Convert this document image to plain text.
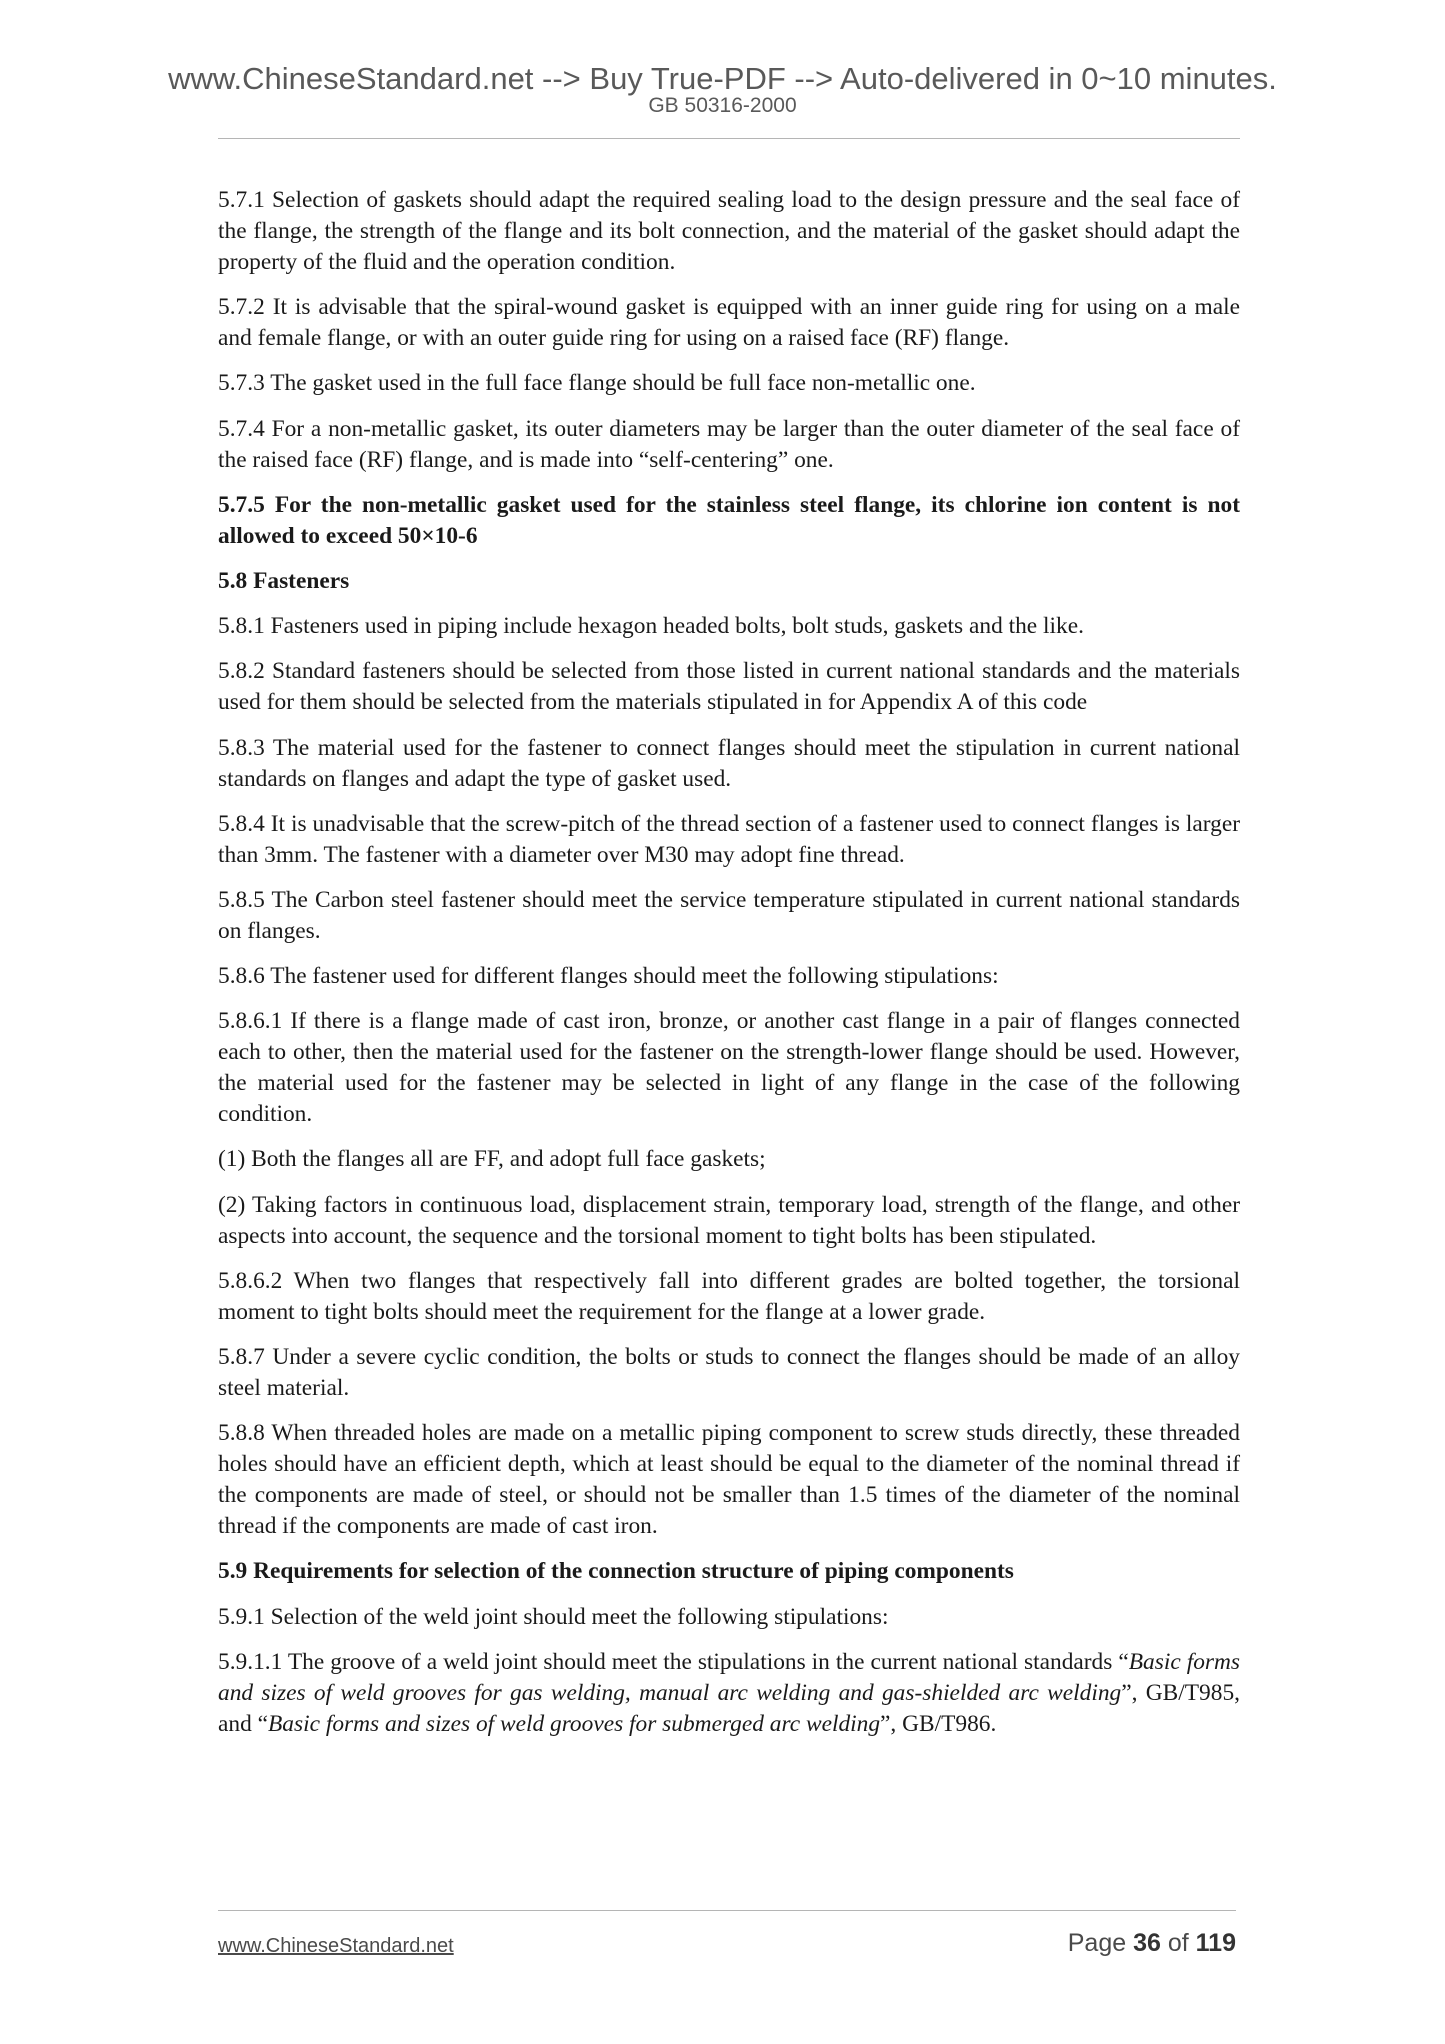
www.ChineseStandard.net --> Buy True-PDF --> Auto-delivered in 0~10 minutes.
GB 50316-2000

5.7.1 Selection of gaskets should adapt the required sealing load to the design pressure and the seal face of the flange, the strength of the flange and its bolt connection, and the material of the gasket should adapt the property of the fluid and the operation condition.

5.7.2 It is advisable that the spiral-wound gasket is equipped with an inner guide ring for using on a male and female flange, or with an outer guide ring for using on a raised face (RF) flange.

5.7.3 The gasket used in the full face flange should be full face non-metallic one.

5.7.4 For a non-metallic gasket, its outer diameters may be larger than the outer diameter of the seal face of the raised face (RF) flange, and is made into “self-centering” one.

5.7.5 For the non-metallic gasket used for the stainless steel flange, its chlorine ion content is not allowed to exceed 50×10-6

5.8 Fasteners

5.8.1 Fasteners used in piping include hexagon headed bolts, bolt studs, gaskets and the like.

5.8.2 Standard fasteners should be selected from those listed in current national standards and the materials used for them should be selected from the materials stipulated in for Appendix A of this code

5.8.3 The material used for the fastener to connect flanges should meet the stipulation in current national standards on flanges and adapt the type of gasket used.

5.8.4 It is unadvisable that the screw-pitch of the thread section of a fastener used to connect flanges is larger than 3mm. The fastener with a diameter over M30 may adopt fine thread.

5.8.5 The Carbon steel fastener should meet the service temperature stipulated in current national standards on flanges.

5.8.6 The fastener used for different flanges should meet the following stipulations:

5.8.6.1 If there is a flange made of cast iron, bronze, or another cast flange in a pair of flanges connected each to other, then the material used for the fastener on the strength-lower flange should be used. However, the material used for the fastener may be selected in light of any flange in the case of the following condition.

(1) Both the flanges all are FF, and adopt full face gaskets;

(2) Taking factors in continuous load, displacement strain, temporary load, strength of the flange, and other aspects into account, the sequence and the torsional moment to tight bolts has been stipulated.

5.8.6.2 When two flanges that respectively fall into different grades are bolted together, the torsional moment to tight bolts should meet the requirement for the flange at a lower grade.

5.8.7 Under a severe cyclic condition, the bolts or studs to connect the flanges should be made of an alloy steel material.

5.8.8 When threaded holes are made on a metallic piping component to screw studs directly, these threaded holes should have an efficient depth, which at least should be equal to the diameter of the nominal thread if the components are made of steel, or should not be smaller than 1.5 times of the diameter of the nominal thread if the components are made of cast iron.

5.9 Requirements for selection of the connection structure of piping components

5.9.1 Selection of the weld joint should meet the following stipulations:

5.9.1.1 The groove of a weld joint should meet the stipulations in the current national standards “Basic forms and sizes of weld grooves for gas welding, manual arc welding and gas-shielded arc welding”, GB/T985, and “Basic forms and sizes of weld grooves for submerged arc welding”, GB/T986.

www.ChineseStandard.net	Page 36 of 119
